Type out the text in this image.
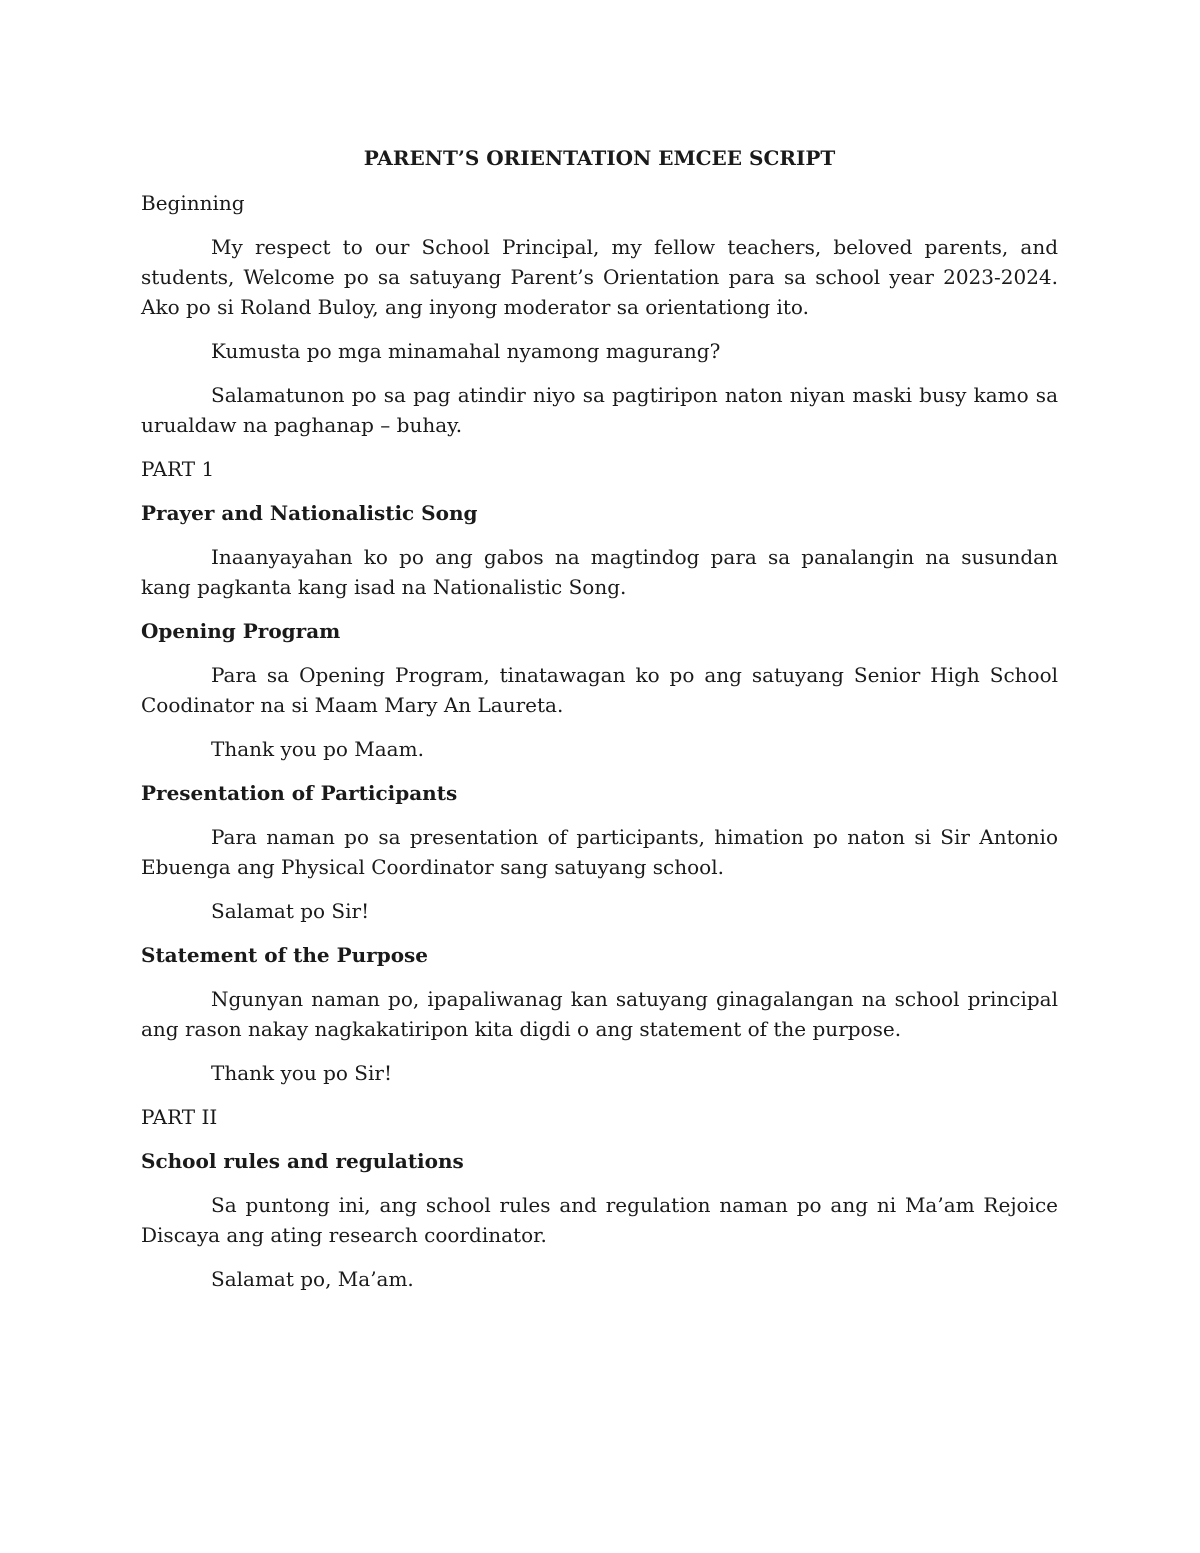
PARENT’S ORIENTATION EMCEE SCRIPT
Beginning

My respect to our School Principal, my fellow teachers, beloved parents, and students, Welcome po sa satuyang Parent’s Orientation para sa school year 2023-2024. Ako po si Roland Buloy, ang inyong moderator sa orientationg ito.

Kumusta po mga minamahal nyamong magurang?

Salamatunon po sa pag atindir niyo sa pagtiripon naton niyan maski busy kamo sa urualdaw na paghanap – buhay.

PART 1
Prayer and Nationalistic Song

Inaanyayahan ko po ang gabos na magtindog para sa panalangin na susundan kang pagkanta kang isad na Nationalistic Song.

Opening Program

Para sa Opening Program, tinatawagan ko po ang satuyang Senior High School Coodinator na si Maam Mary An Laureta.

Thank you po Maam.

Presentation of Participants

Para naman po sa presentation of participants, himation po naton si Sir Antonio Ebuenga ang Physical Coordinator sang satuyang school.

Salamat po Sir!

Statement of the Purpose

Ngunyan naman po, ipapaliwanag kan satuyang ginagalangan na school principal ang rason nakay nagkakatiripon kita digdi o ang statement of the purpose.

Thank you po Sir!

PART II
School rules and regulations

Sa puntong ini, ang school rules and regulation naman po ang ni Ma’am Rejoice Discaya ang ating research coordinator.

Salamat po, Ma’am.
